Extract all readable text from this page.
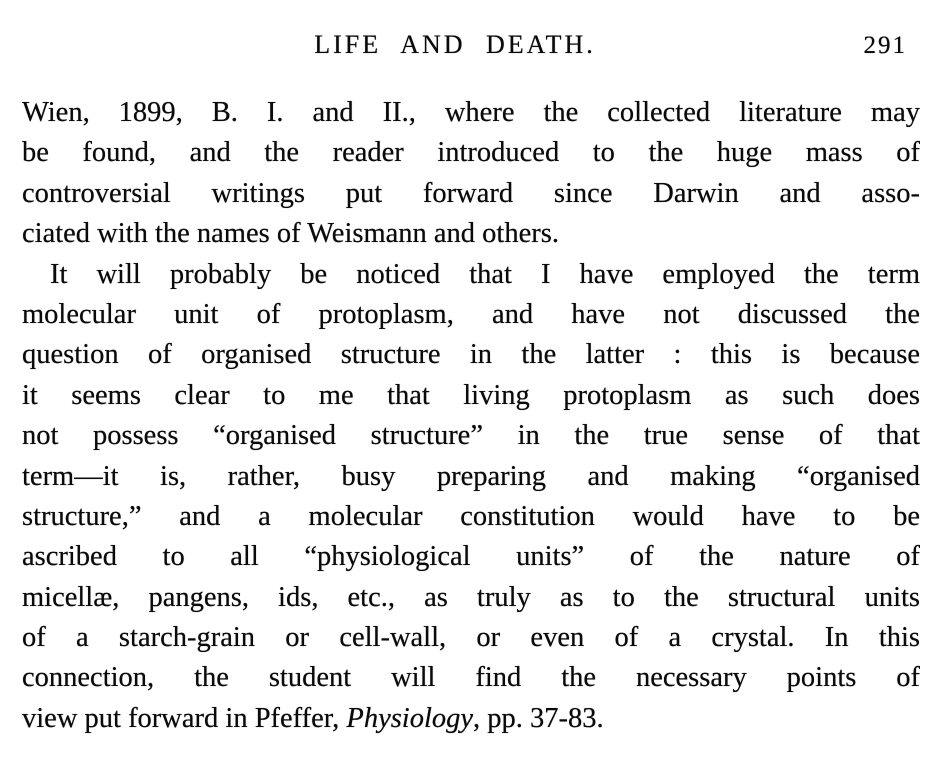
LIFE AND DEATH.	291
Wien, 1899, B. I. and II., where the collected literature may
be found, and the reader introduced to the huge mass of
controversial writings put forward since Darwin and asso-
ciated with the names of Weismann and others.
It will probably be noticed that I have employed the term
molecular unit of protoplasm, and have not discussed the
question of organised structure in the latter : this is because
it seems clear to me that living protoplasm as such does
not possess “organised structure” in the true sense of that
term—it is, rather, busy preparing and making “organised
structure,” and a molecular constitution would have to be
ascribed to all “physiological units” of the nature of
micellæ, pangens, ids, etc., as truly as to the structural units
of a starch-grain or cell-wall, or even of a crystal. In this
connection, the student will find the necessary points of
view put forward in Pfeffer, Physiology, pp. 37-83.
